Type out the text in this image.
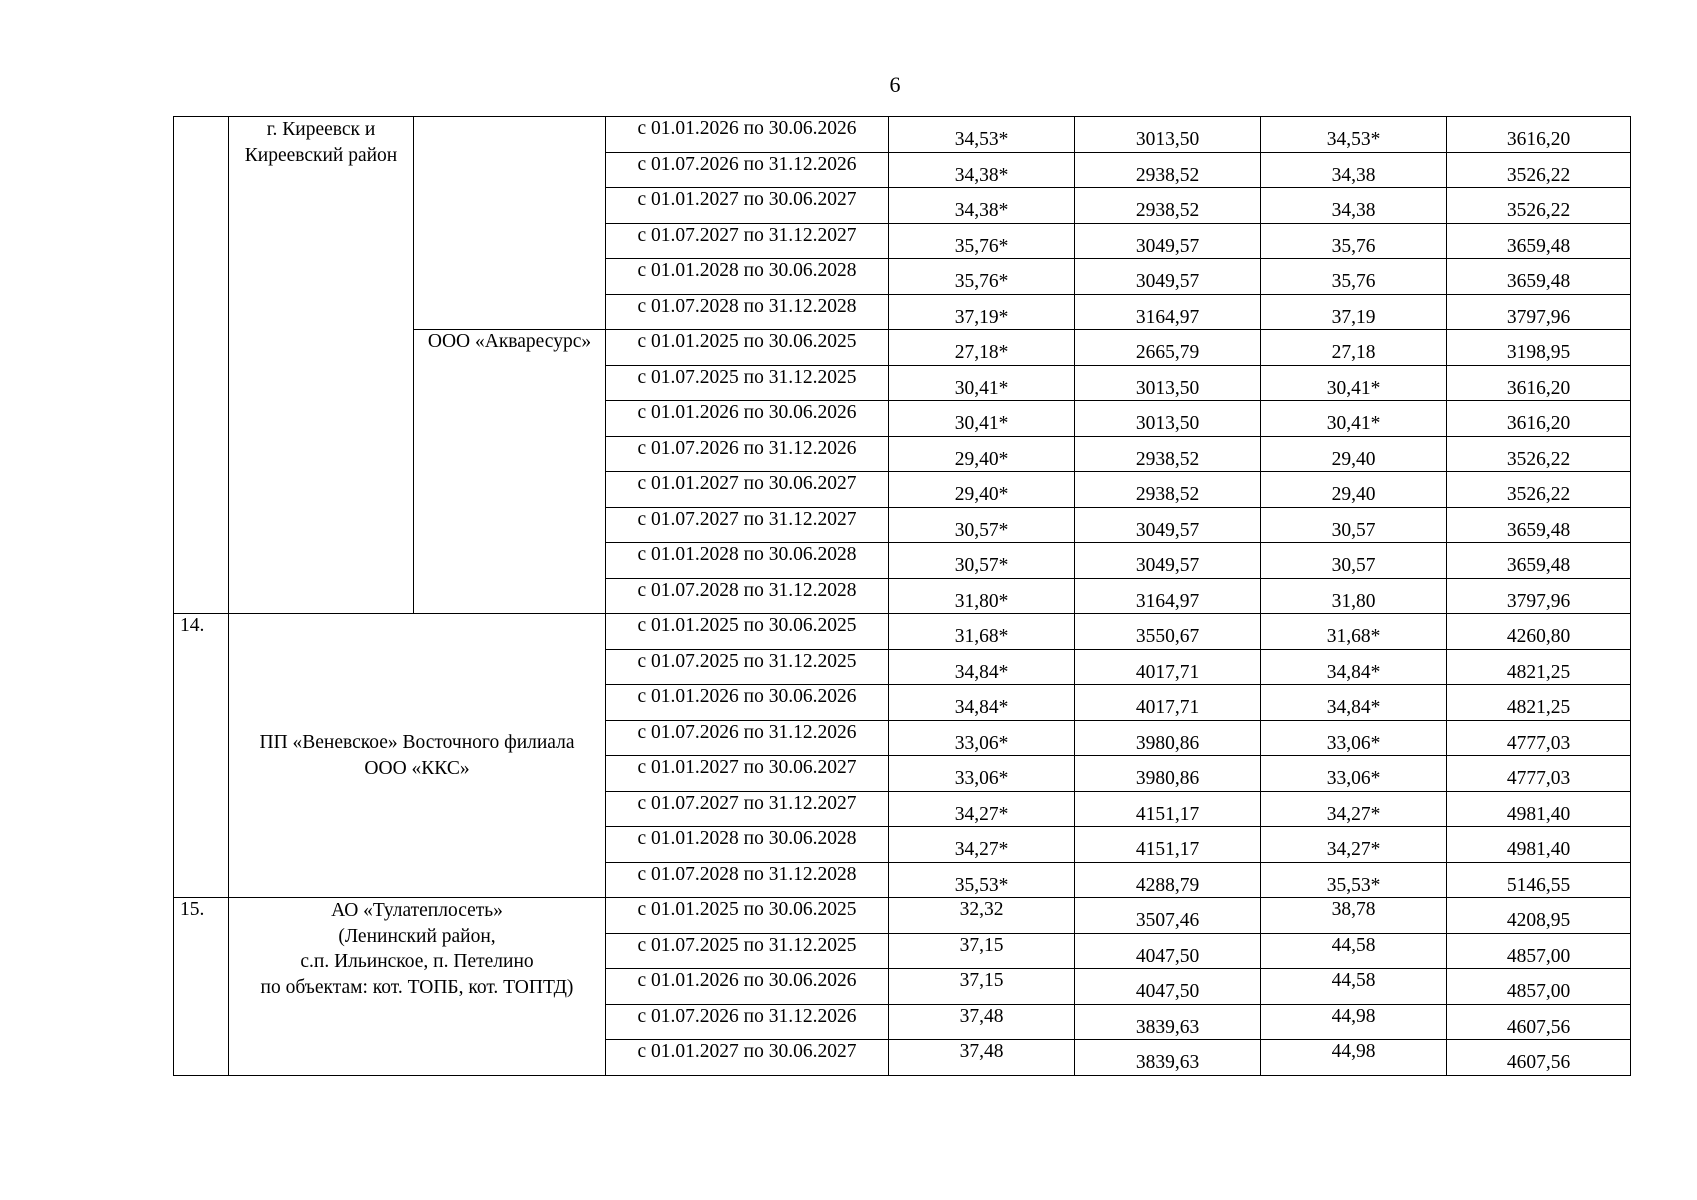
6

	г. Киреевск и
Киреевский район		с 01.01.2026 по 30.06.2026	34,53*	3013,50	34,53*	3616,20
			с 01.07.2026 по 31.12.2026	34,38*	2938,52	34,38	3526,22
			с 01.01.2027 по 30.06.2027	34,38*	2938,52	34,38	3526,22
			с 01.07.2027 по 31.12.2027	35,76*	3049,57	35,76	3659,48
			с 01.01.2028 по 30.06.2028	35,76*	3049,57	35,76	3659,48
			с 01.07.2028 по 31.12.2028	37,19*	3164,97	37,19	3797,96
		ООО «Акваресурс»	с 01.01.2025 по 30.06.2025	27,18*	2665,79	27,18	3198,95
			с 01.07.2025 по 31.12.2025	30,41*	3013,50	30,41*	3616,20
			с 01.01.2026 по 30.06.2026	30,41*	3013,50	30,41*	3616,20
			с 01.07.2026 по 31.12.2026	29,40*	2938,52	29,40	3526,22
			с 01.01.2027 по 30.06.2027	29,40*	2938,52	29,40	3526,22
			с 01.07.2027 по 31.12.2027	30,57*	3049,57	30,57	3659,48
			с 01.01.2028 по 30.06.2028	30,57*	3049,57	30,57	3659,48
			с 01.07.2028 по 31.12.2028	31,80*	3164,97	31,80	3797,96
14.	ПП «Веневское» Восточного филиала
ООО «ККС»		с 01.01.2025 по 30.06.2025	31,68*	3550,67	31,68*	4260,80
			с 01.07.2025 по 31.12.2025	34,84*	4017,71	34,84*	4821,25
			с 01.01.2026 по 30.06.2026	34,84*	4017,71	34,84*	4821,25
			с 01.07.2026 по 31.12.2026	33,06*	3980,86	33,06*	4777,03
			с 01.01.2027 по 30.06.2027	33,06*	3980,86	33,06*	4777,03
			с 01.07.2027 по 31.12.2027	34,27*	4151,17	34,27*	4981,40
			с 01.01.2028 по 30.06.2028	34,27*	4151,17	34,27*	4981,40
			с 01.07.2028 по 31.12.2028	35,53*	4288,79	35,53*	5146,55
15.	АО «Тулатеплосеть»
(Ленинский район,
с.п. Ильинское, п. Петелино
по объектам: кот. ТОПБ, кот. ТОПТД)		с 01.01.2025 по 30.06.2025	32,32	3507,46	38,78	4208,95
			с 01.07.2025 по 31.12.2025	37,15	4047,50	44,58	4857,00
			с 01.01.2026 по 30.06.2026	37,15	4047,50	44,58	4857,00
			с 01.07.2026 по 31.12.2026	37,48	3839,63	44,98	4607,56
			с 01.01.2027 по 30.06.2027	37,48	3839,63	44,98	4607,56
